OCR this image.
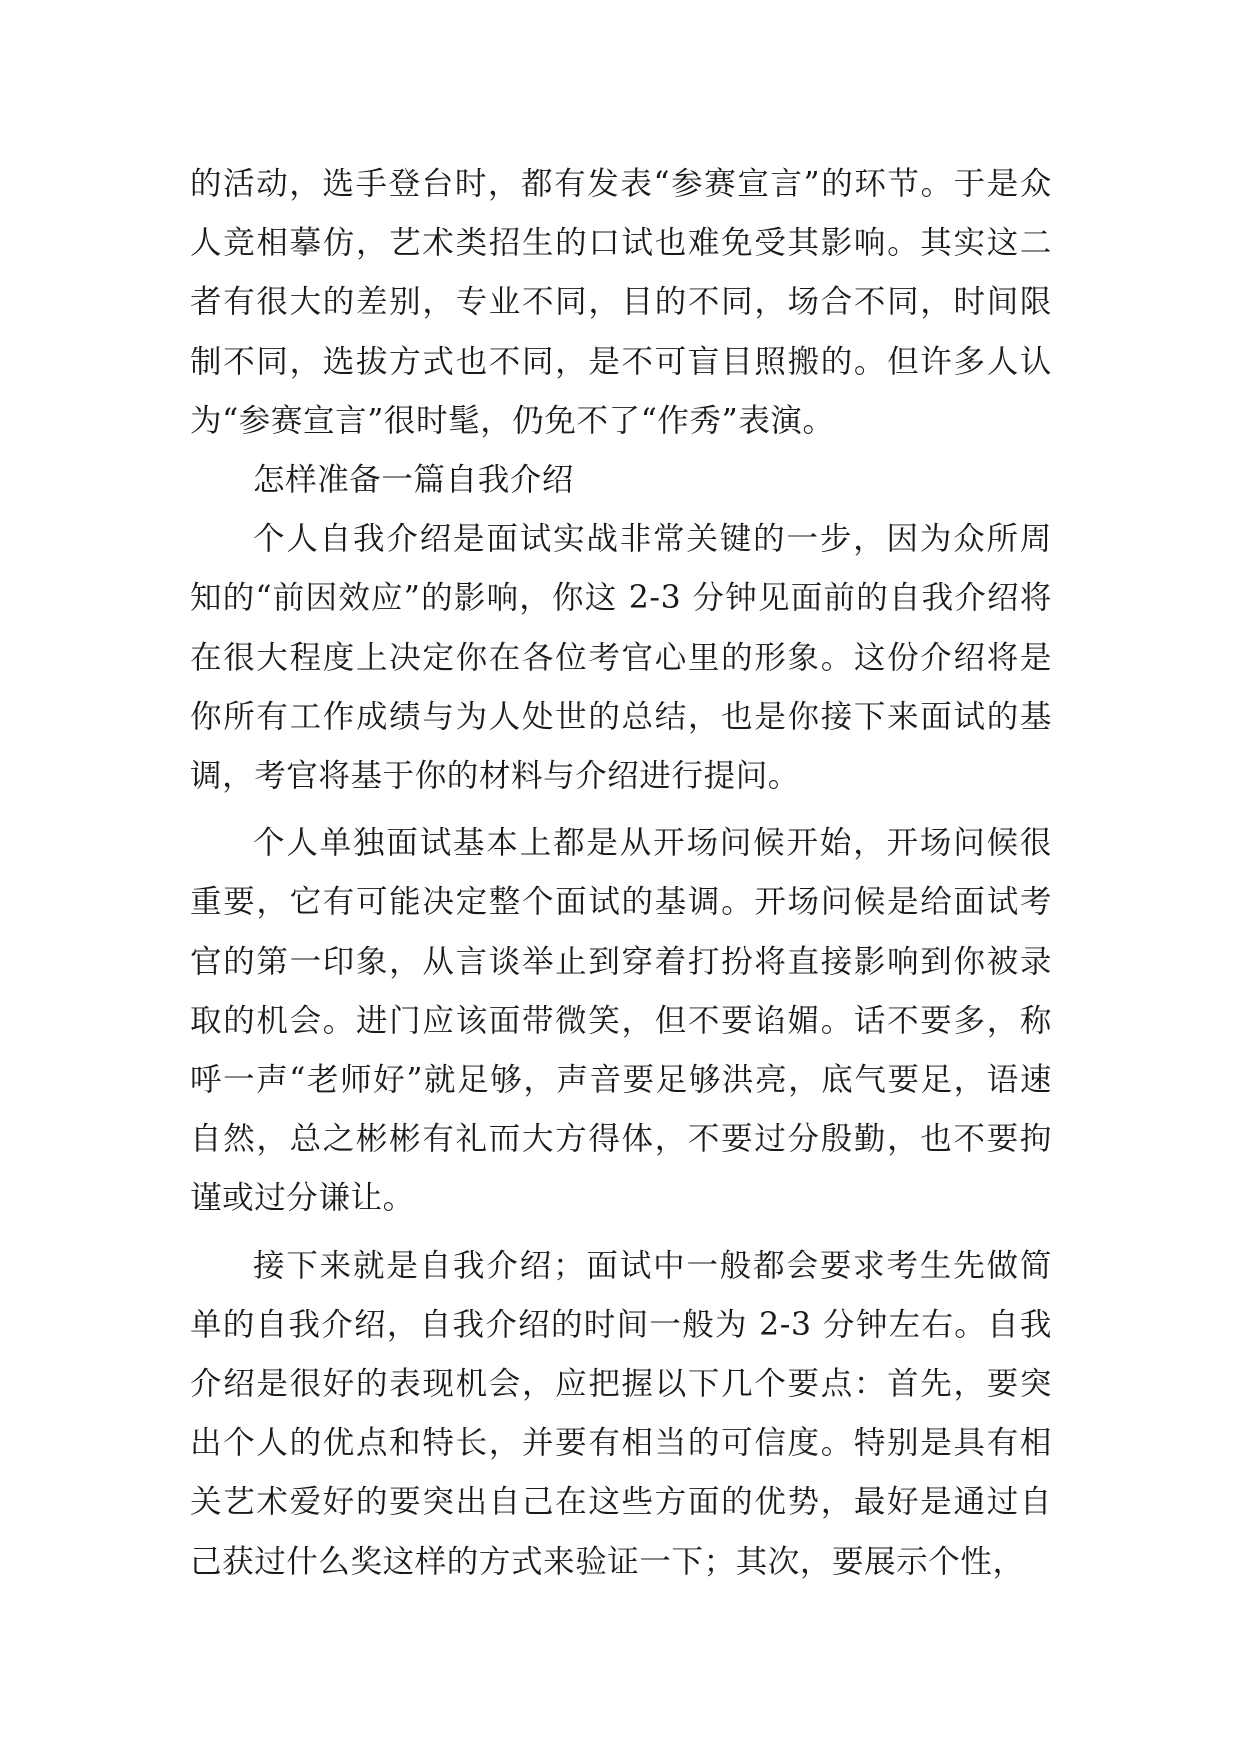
的活动，选手登台时，都有发表“参赛宣言”的环节。于是众人竞相摹仿，艺术类招生的口试也难免受其影响。其实这二者有很大的差别，专业不同，目的不同，场合不同，时间限制不同，选拔方式也不同，是不可盲目照搬的。但许多人认为“参赛宣言”很时髦，仍免不了“作秀”表演。

怎样准备一篇自我介绍

个人自我介绍是面试实战非常关键的一步，因为众所周知的“前因效应”的影响，你这 2-3 分钟见面前的自我介绍将在很大程度上决定你在各位考官心里的形象。这份介绍将是你所有工作成绩与为人处世的总结，也是你接下来面试的基调，考官将基于你的材料与介绍进行提问。

个人单独面试基本上都是从开场问候开始，开场问候很重要，它有可能决定整个面试的基调。开场问候是给面试考官的第一印象，从言谈举止到穿着打扮将直接影响到你被录取的机会。进门应该面带微笑，但不要谄媚。话不要多，称呼一声“老师好”就足够，声音要足够洪亮，底气要足，语速自然，总之彬彬有礼而大方得体，不要过分殷勤，也不要拘谨或过分谦让。

接下来就是自我介绍；面试中一般都会要求考生先做简单的自我介绍，自我介绍的时间一般为 2-3 分钟左右。自我介绍是很好的表现机会，应把握以下几个要点：首先，要突出个人的优点和特长，并要有相当的可信度。特别是具有相关艺术爱好的要突出自己在这些方面的优势，最好是通过自己获过什么奖这样的方式来验证一下；其次，要展示个性，
